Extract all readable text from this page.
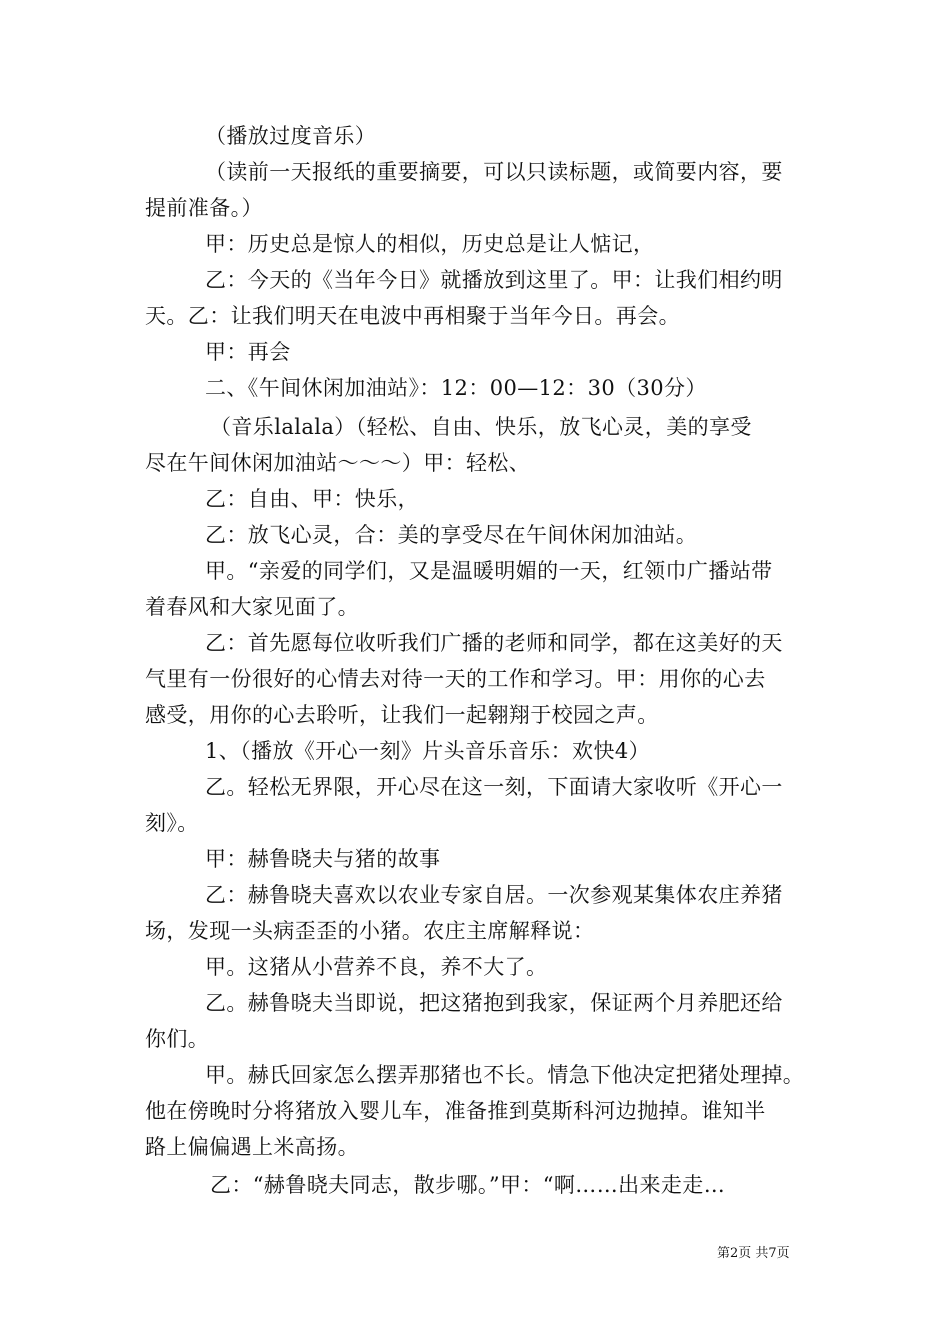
（播放过度音乐）
（读前一天报纸的重要摘要，可以只读标题，或简要内容，要
提前准备。）
甲：历史总是惊人的相似，历史总是让人惦记，
乙：今天的《当年今日》就播放到这里了。甲：让我们相约明
天。乙：让我们明天在电波中再相聚于当年今日。再会。
甲：再会
二、《午间休闲加油站》：12：00—12：30（30分）
（音乐lalala）（轻松、自由、快乐，放飞心灵，美的享受
尽在午间休闲加油站～～～）甲：轻松、
乙：自由、甲：快乐，
乙：放飞心灵，合：美的享受尽在午间休闲加油站。
甲。“亲爱的同学们，又是温暖明媚的一天，红领巾广播站带
着春风和大家见面了。
乙：首先愿每位收听我们广播的老师和同学，都在这美好的天
气里有一份很好的心情去对待一天的工作和学习。甲：用你的心去
感受，用你的心去聆听，让我们一起翱翔于校园之声。
1、（播放《开心一刻》片头音乐音乐：欢快4）
乙。轻松无界限，开心尽在这一刻，下面请大家收听《开心一
刻》。
甲：赫鲁晓夫与猪的故事
乙：赫鲁晓夫喜欢以农业专家自居。一次参观某集体农庄养猪
场，发现一头病歪歪的小猪。农庄主席解释说：
甲。这猪从小营养不良，养不大了。
乙。赫鲁晓夫当即说，把这猪抱到我家，保证两个月养肥还给
你们。
甲。赫氏回家怎么摆弄那猪也不长。情急下他决定把猪处理掉。
他在傍晚时分将猪放入婴儿车，准备推到莫斯科河边抛掉。谁知半
路上偏偏遇上米高扬。
乙：“赫鲁晓夫同志，散步哪。”甲：“啊……出来走走…
第2页 共7页
